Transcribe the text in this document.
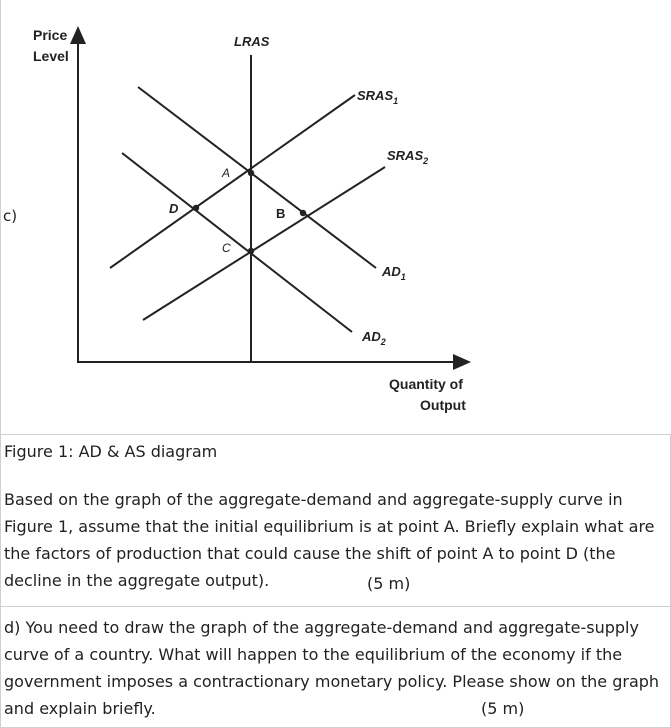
c)
Price
Level
Quantity of
Output
LRAS
$SRAS_1$
$SRAS_2$
$AD_1$
$AD_2$
A
B
C
D
Figure 1: AD & AS diagram
Based on the graph of the aggregate-demand and aggregate-supply curve in Figure 1, assume that the initial equilibrium is at point A. Briefly explain what are the factors of production that could cause the shift of point A to point D (the decline in the aggregate output).	(5 m)
d) You need to draw the graph of the aggregate-demand and aggregate-supply curve of a country. What will happen to the equilibrium of the economy if the government imposes a contractionary monetary policy. Please show on the graph and explain briefly.	(5 m)
